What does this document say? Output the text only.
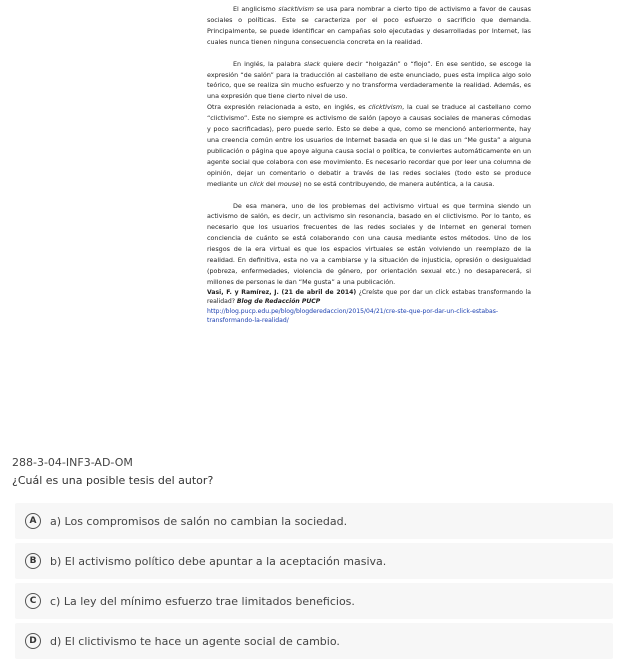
El anglicismo slacktivism se usa para nombrar a cierto tipo de activismo a favor de causas sociales o políticas. Este se caracteriza por el poco esfuerzo o sacrificio que demanda. Principalmente, se puede identificar en campañas solo ejecutadas y desarrolladas por Internet, las cuales nunca tienen ninguna consecuencia concreta en la realidad.

En inglés, la palabra slack quiere decir “holgazán” o “flojo”. En ese sentido, se escoge la expresión “de salón” para la traducción al castellano de este enunciado, pues esta implica algo solo teórico, que se realiza sin mucho esfuerzo y no transforma verdaderamente la realidad. Además, es una expresión que tiene cierto nivel de uso.

Otra expresión relacionada a esto, en inglés, es clicktivism, la cual se traduce al castellano como “clictivismo”. Este no siempre es activismo de salón (apoyo a causas sociales de maneras cómodas y poco sacrificadas), pero puede serlo. Esto se debe a que, como se mencionó anteriormente, hay una creencia común entre los usuarios de Internet basada en que si le das un “Me gusta” a alguna publicación o página que apoye alguna causa social o política, te conviertes automáticamente en un agente social que colabora con ese movimiento. Es necesario recordar que por leer una columna de opinión, dejar un comentario o debatir a través de las redes sociales (todo esto se produce mediante un click del mouse) no se está contribuyendo, de manera auténtica, a la causa.

De esa manera, uno de los problemas del activismo virtual es que termina siendo un activismo de salón, es decir, un activismo sin resonancia, basado en el clictivismo. Por lo tanto, es necesario que los usuarios frecuentes de las redes sociales y de Internet en general tomen conciencia de cuánto se está colaborando con una causa mediante estos métodos. Uno de los riesgos de la era virtual es que los espacios virtuales se están volviendo un reemplazo de la realidad. En definitiva, esta no va a cambiarse y la situación de injusticia, opresión o desigualdad (pobreza, enfermedades, violencia de género, por orientación sexual etc.) no desaparecerá, si millones de personas le dan “Me gusta” a una publicación.

Vasi, F. y Ramírez, J. (21 de abril de 2014) ¿Creíste que por dar un click estabas transformando la realidad? Blog de Redacción PUCP
http://blog.pucp.edu.pe/blog/blogderedaccion/2015/04/21/cre-ste-que-por-dar-un-click-estabas-transformando-la-realidad/

288-3-04-INF3-AD-OM
¿Cuál es una posible tesis del autor?
A	a) Los compromisos de salón no cambian la sociedad.
B	b) El activismo político debe apuntar a la aceptación masiva.
C	c) La ley del mínimo esfuerzo trae limitados beneficios.
D	d) El clictivismo te hace un agente social de cambio.
